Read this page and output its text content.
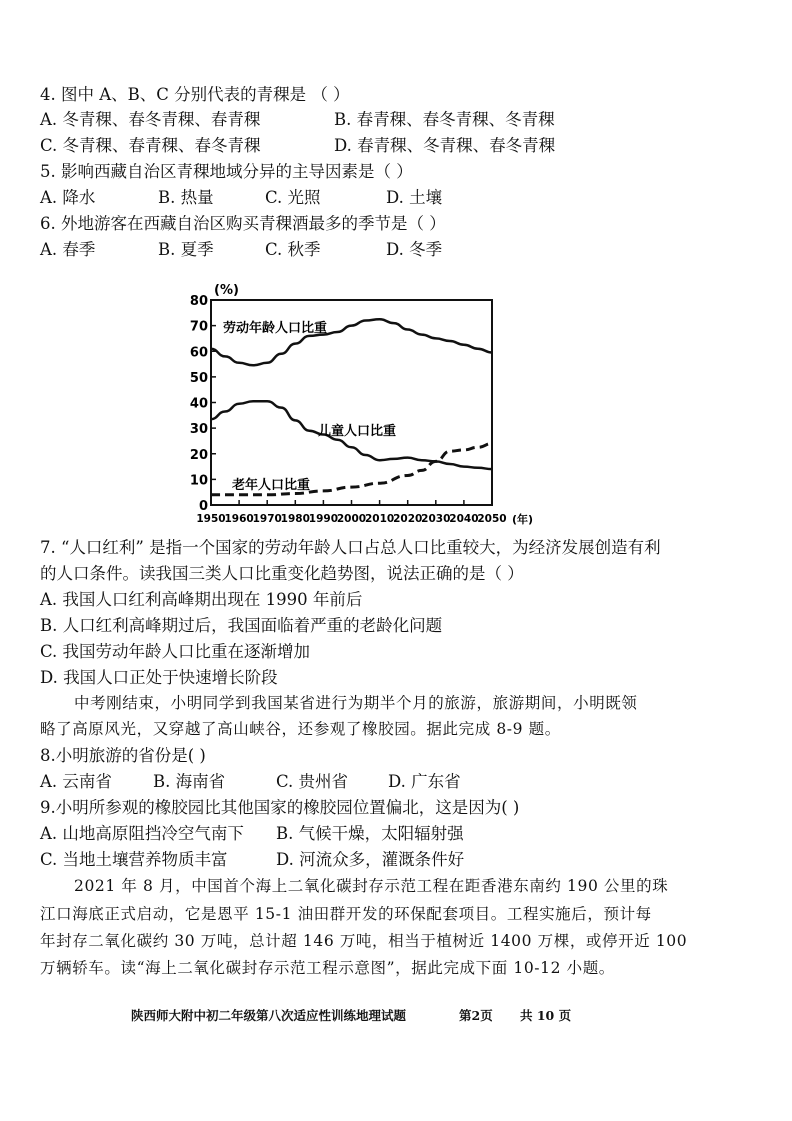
4. 图中 A、B、C 分别代表的青稞是 （ ）
A. 冬青稞、春冬青稞、春青稞	B. 春青稞、春冬青稞、冬青稞
C. 冬青稞、春青稞、春冬青稞	D. 春青稞、冬青稞、春冬青稞
5. 影响西藏自治区青稞地域分异的主导因素是（ ）
A. 降水	B. 热量	C. 光照	D. 土壤
6. 外地游客在西藏自治区购买青稞酒最多的季节是（ ）
A. 春季	B. 夏季	C. 秋季	D. 冬季
0
10
20
30
40
50
60
70
80
1950
1960
1970
1980
1990
2000
2010
2020
2030
2040
2050
(%)
(年)
劳动年龄人口比重
儿童人口比重
老年人口比重
7. “人口红利” 是指一个国家的劳动年龄人口占总人口比重较大，为经济发展创造有利
的人口条件。读我国三类人口比重变化趋势图，说法正确的是（ ）
A. 我国人口红利高峰期出现在 1990 年前后
B. 人口红利高峰期过后，我国面临着严重的老龄化问题
C. 我国劳动年龄人口比重在逐渐增加
D. 我国人口正处于快速增长阶段
中考刚结束，小明同学到我国某省进行为期半个月的旅游，旅游期间，小明既领
略了高原风光，又穿越了高山峡谷，还参观了橡胶园。据此完成 8-9 题。
8.小明旅游的省份是( )
A. 云南省 B. 海南省	C. 贵州省 D. 广东省
9.小明所参观的橡胶园比其他国家的橡胶园位置偏北，这是因为( )
A. 山地高原阻挡冷空气南下 B. 气候干燥，太阳辐射强
C. 当地土壤营养物质丰富	D. 河流众多，灌溉条件好
2021 年 8 月，中国首个海上二氧化碳封存示范工程在距香港东南约 190 公里的珠
江口海底正式启动，它是恩平 15-1 油田群开发的环保配套项目。工程实施后，预计每
年封存二氧化碳约 30 万吨，总计超 146 万吨，相当于植树近 1400 万棵，或停开近 100
万辆轿车。读“海上二氧化碳封存示范工程示意图”，据此完成下面 10-12 小题。
陕西师大附中初二年级第八次适应性训练地理试题	第2页 共 10 页
